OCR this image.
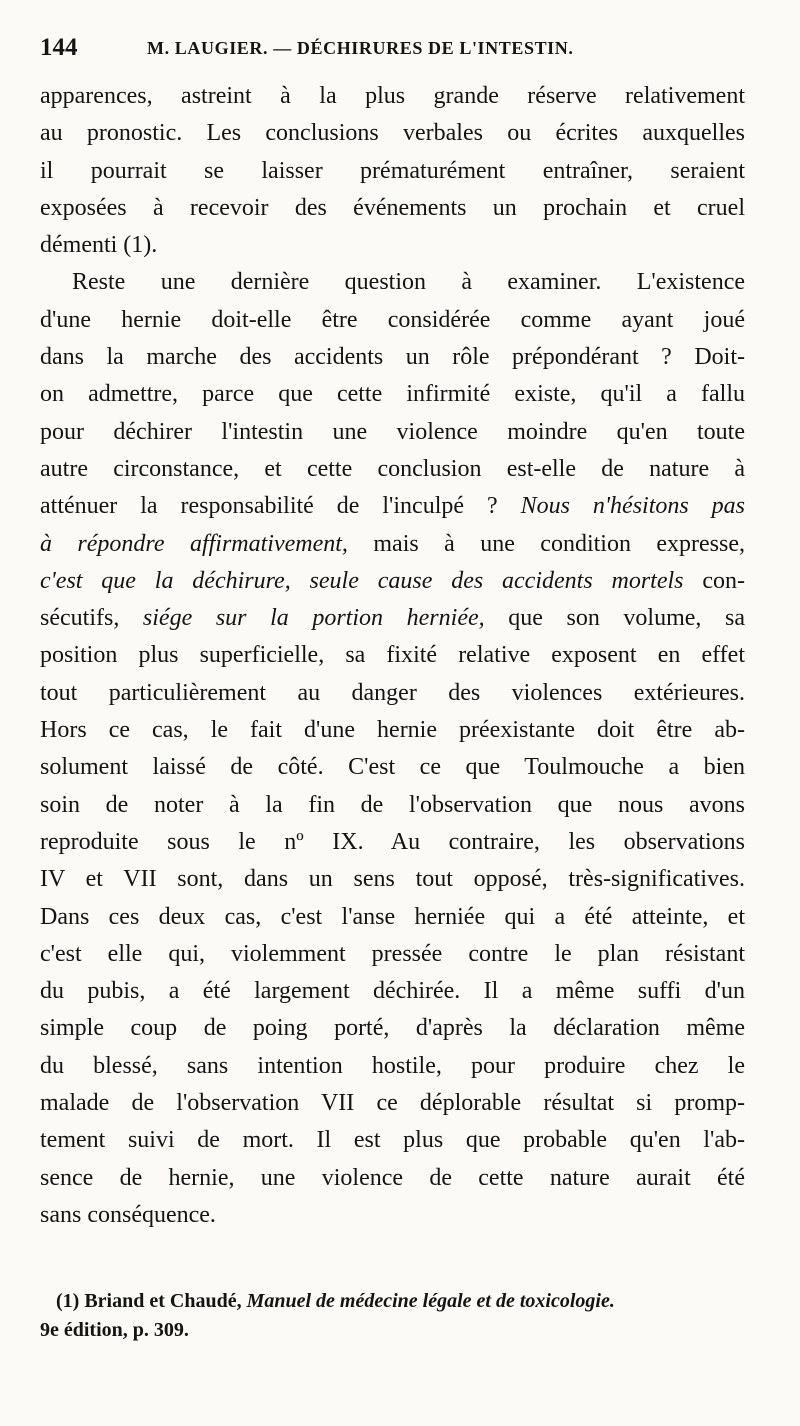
144	M. LAUGIER. — DÉCHIRURES DE L'INTESTIN.
apparences, astreint à la plus grande réserve relativement
au pronostic. Les conclusions verbales ou écrites auxquelles
il pourrait se laisser prématurément entraîner, seraient
exposées à recevoir des événements un prochain et cruel
démenti (1).
Reste une dernière question à examiner. L'existence
d'une hernie doit-elle être considérée comme ayant joué
dans la marche des accidents un rôle prépondérant ? Doit-
on admettre, parce que cette infirmité existe, qu'il a fallu
pour déchirer l'intestin une violence moindre qu'en toute
autre circonstance, et cette conclusion est-elle de nature à
atténuer la responsabilité de l'inculpé ? Nous n'hésitons pas
à répondre affirmativement, mais à une condition expresse,
c'est que la déchirure, seule cause des accidents mortels con-
sécutifs, siége sur la portion herniée, que son volume, sa
position plus superficielle, sa fixité relative exposent en effet
tout particulièrement au danger des violences extérieures.
Hors ce cas, le fait d'une hernie préexistante doit être ab-
solument laissé de côté. C'est ce que Toulmouche a bien
soin de noter à la fin de l'observation que nous avons
reproduite sous le nº IX. Au contraire, les observations
IV et VII sont, dans un sens tout opposé, très-significatives.
Dans ces deux cas, c'est l'anse herniée qui a été atteinte, et
c'est elle qui, violemment pressée contre le plan résistant
du pubis, a été largement déchirée. Il a même suffi d'un
simple coup de poing porté, d'après la déclaration même
du blessé, sans intention hostile, pour produire chez le
malade de l'observation VII ce déplorable résultat si promp-
tement suivi de mort. Il est plus que probable qu'en l'ab-
sence de hernie, une violence de cette nature aurait été
sans conséquence.
(1) Briand et Chaudé, Manuel de médecine légale et de toxicologie.
9e édition, p. 309.
